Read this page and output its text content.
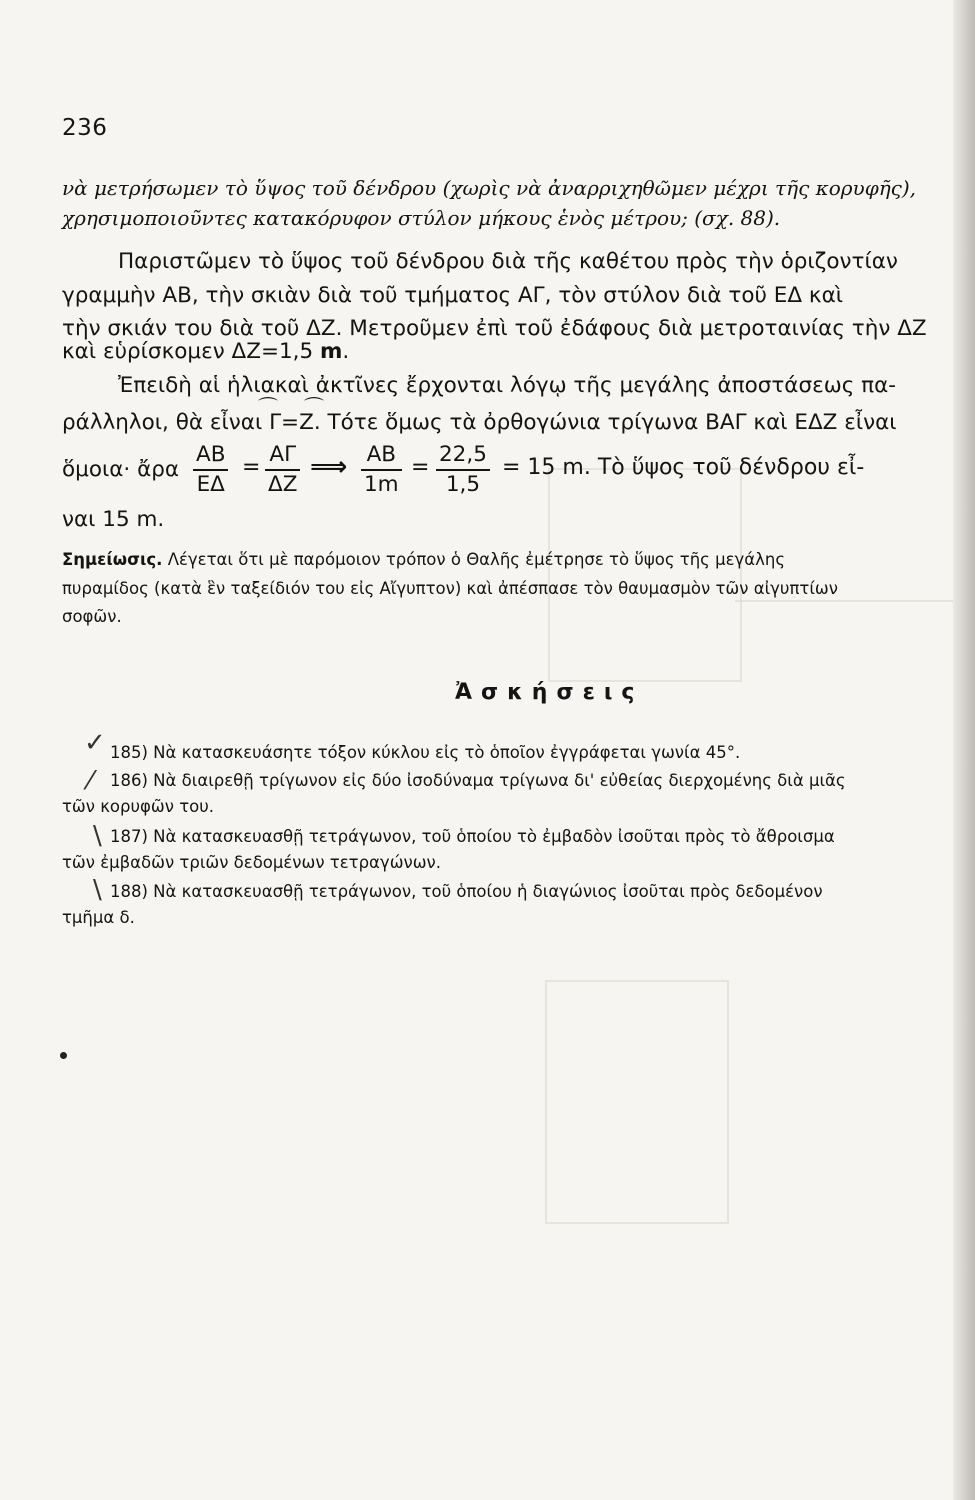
236
νὰ μετρήσωμεν τὸ ὕψος τοῦ δένδρου (χωρὶς νὰ ἀναρριχηθῶμεν μέχρι τῆς κορυφῆς),
χρησιμοποιοῦντες κατακόρυφον στύλον μήκους ἑνὸς μέτρου; (σχ. 88).
Παριστῶμεν τὸ ὕψος τοῦ δένδρου διὰ τῆς καθέτου πρὸς τὴν ὁριζοντίαν
γραμμὴν ΑΒ, τὴν σκιὰν διὰ τοῦ τμήματος ΑΓ, τὸν στύλον διὰ τοῦ ΕΔ καὶ
τὴν σκιάν του διὰ τοῦ ΔΖ. Μετροῦμεν ἐπὶ τοῦ ἐδάφους διὰ μετροταινίας τὴν ΔΖ
καὶ εὑρίσκομεν ΔΖ=1,5 m.
Ἐπειδὴ αἱ ἡλιακαὶ ἀκτῖνες ἔρχονται λόγῳ τῆς μεγάλης ἀποστάσεως πα-
ράλληλοι, θὰ εἶναι Γ=Ζ. Τότε ὅμως τὰ ὀρθογώνια τρίγωνα ΒΑΓ καὶ ΕΔΖ εἶναι
⌒ ⌒
ὅμοια· ἄρα $\frac{AB}{E\Delta} = \frac{A\Gamma}{\Delta Z}$ ⟹ $\frac{AB}{1m} = \frac{22,5}{1,5} = 15$ m. Τὸ ὕψος τοῦ δένδρου εἶ-
ναι 15 m.
Σημείωσις. Λέγεται ὅτι μὲ παρόμοιον τρόπον ὁ Θαλῆς ἐμέτρησε τὸ ὕψος τῆς μεγάλης
πυραμίδος (κατὰ ἓν ταξείδιόν του εἰς Αἴγυπτον) καὶ ἀπέσπασε τὸν θαυμασμὸν τῶν αἰγυπτίων
σοφῶν.
Ἀσκήσεις
✓
⁄
∖
∖
185) Νὰ κατασκευάσητε τόξον κύκλου εἰς τὸ ὁποῖον ἐγγράφεται γωνία 45°.
186) Νὰ διαιρεθῇ τρίγωνον εἰς δύο ἰσοδύναμα τρίγωνα δι' εὐθείας διερχομένης διὰ μιᾶς
τῶν κορυφῶν του.
187) Νὰ κατασκευασθῇ τετράγωνον, τοῦ ὁποίου τὸ ἐμβαδὸν ἰσοῦται πρὸς τὸ ἄθροισμα
τῶν ἐμβαδῶν τριῶν δεδομένων τετραγώνων.
188) Νὰ κατασκευασθῇ τετράγωνον, τοῦ ὁποίου ἡ διαγώνιος ἰσοῦται πρὸς δεδομένον
τμῆμα δ.
